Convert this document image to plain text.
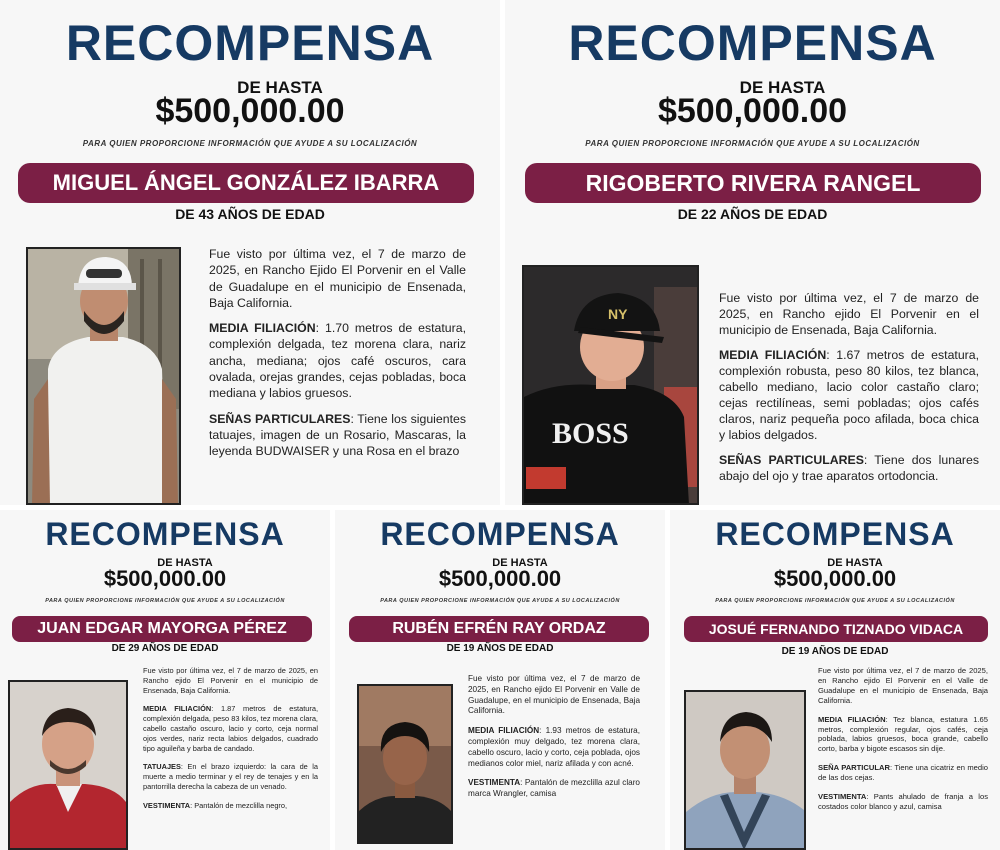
RECOMPENSA
DE HASTA
$500,000.00
PARA QUIEN PROPORCIONE INFORMACIÓN QUE AYUDE A SU LOCALIZACIÓN
MIGUEL ÁNGEL GONZÁLEZ IBARRA
DE 43 AÑOS DE EDAD

Fue visto por última vez, el 7 de marzo de 2025, en Rancho Ejido El Porvenir en el Valle de Guadalupe en el municipio de Ensenada, Baja California.

MEDIA FILIACIÓN: 1.70 metros de estatura, complexión delgada, tez morena clara, nariz ancha, mediana; ojos café oscuros, cara ovalada, orejas grandes, cejas pobladas, boca mediana y labios gruesos.

SEÑAS PARTICULARES: Tiene los siguientes tatuajes, imagen de un Rosario, Mascaras, la leyenda BUDWAISER y una Rosa en el brazo

RECOMPENSA
DE HASTA
$500,000.00
PARA QUIEN PROPORCIONE INFORMACIÓN QUE AYUDE A SU LOCALIZACIÓN
RIGOBERTO RIVERA RANGEL
DE 22 AÑOS DE EDAD
BOSS
NY

Fue visto por última vez, el 7 de marzo de 2025, en Rancho ejido El Porvenir en el municipio de Ensenada, Baja California.

MEDIA FILIACIÓN: 1.67 metros de estatura, complexión robusta, peso 80 kilos, tez blanca, cabello mediano, lacio color castaño claro; cejas rectilíneas, semi pobladas; ojos cafés claros, nariz pequeña poco afilada, boca chica y labios delgados.

SEÑAS PARTICULARES: Tiene dos lunares abajo del ojo y trae aparatos ortodoncia.

RECOMPENSA
DE HASTA
$500,000.00
PARA QUIEN PROPORCIONE INFORMACIÓN QUE AYUDE A SU LOCALIZACIÓN
JUAN EDGAR MAYORGA PÉREZ
DE 29 AÑOS DE EDAD

Fue visto por última vez, el 7 de marzo de 2025, en Rancho ejido El Porvenir en el municipio de Ensenada, Baja California.

MEDIA FILIACIÓN: 1.87 metros de estatura, complexión delgada, peso 83 kilos, tez morena clara, cabello castaño oscuro, lacio y corto, ceja normal ojos verdes, nariz recta labios delgados, cuadrado tipo aguileña y barba de candado.

TATUAJES: En el brazo izquierdo: la cara de la muerte a medio terminar y el rey de tenajes y en la pantorrilla derecha la cabeza de un venado.

VESTIMENTA: Pantalón de mezclilla negro,

RECOMPENSA
DE HASTA
$500,000.00
PARA QUIEN PROPORCIONE INFORMACIÓN QUE AYUDE A SU LOCALIZACIÓN
RUBÉN EFRÉN RAY ORDAZ
DE 19 AÑOS DE EDAD

Fue visto por última vez, el 7 de marzo de 2025, en Rancho ejido El Porvenir en Valle de Guadalupe, en el municipio de Ensenada, Baja California.

MEDIA FILIACIÓN: 1.93 metros de estatura, complexión muy delgado, tez morena clara, cabello oscuro, lacio y corto, ceja poblada, ojos medianos color miel, nariz afilada y con acné.

VESTIMENTA: Pantalón de mezclilla azul claro marca Wrangler, camisa

RECOMPENSA
DE HASTA
$500,000.00
PARA QUIEN PROPORCIONE INFORMACIÓN QUE AYUDE A SU LOCALIZACIÓN
JOSUÉ FERNANDO TIZNADO VIDACA
DE 19 AÑOS DE EDAD

Fue visto por última vez, el 7 de marzo de 2025, en Rancho ejido El Porvenir en el Valle de Guadalupe en el municipio de Ensenada, Baja California.

MEDIA FILIACIÓN: Tez blanca, estatura 1.65 metros, complexión regular, ojos cafés, ceja poblada, labios gruesos, boca grande, cabello corto, barba y bigote escasos sin dije.

SEÑA PARTICULAR: Tiene una cicatriz en medio de las dos cejas.

VESTIMENTA: Pants ahulado de franja a los costados color blanco y azul, camisa
